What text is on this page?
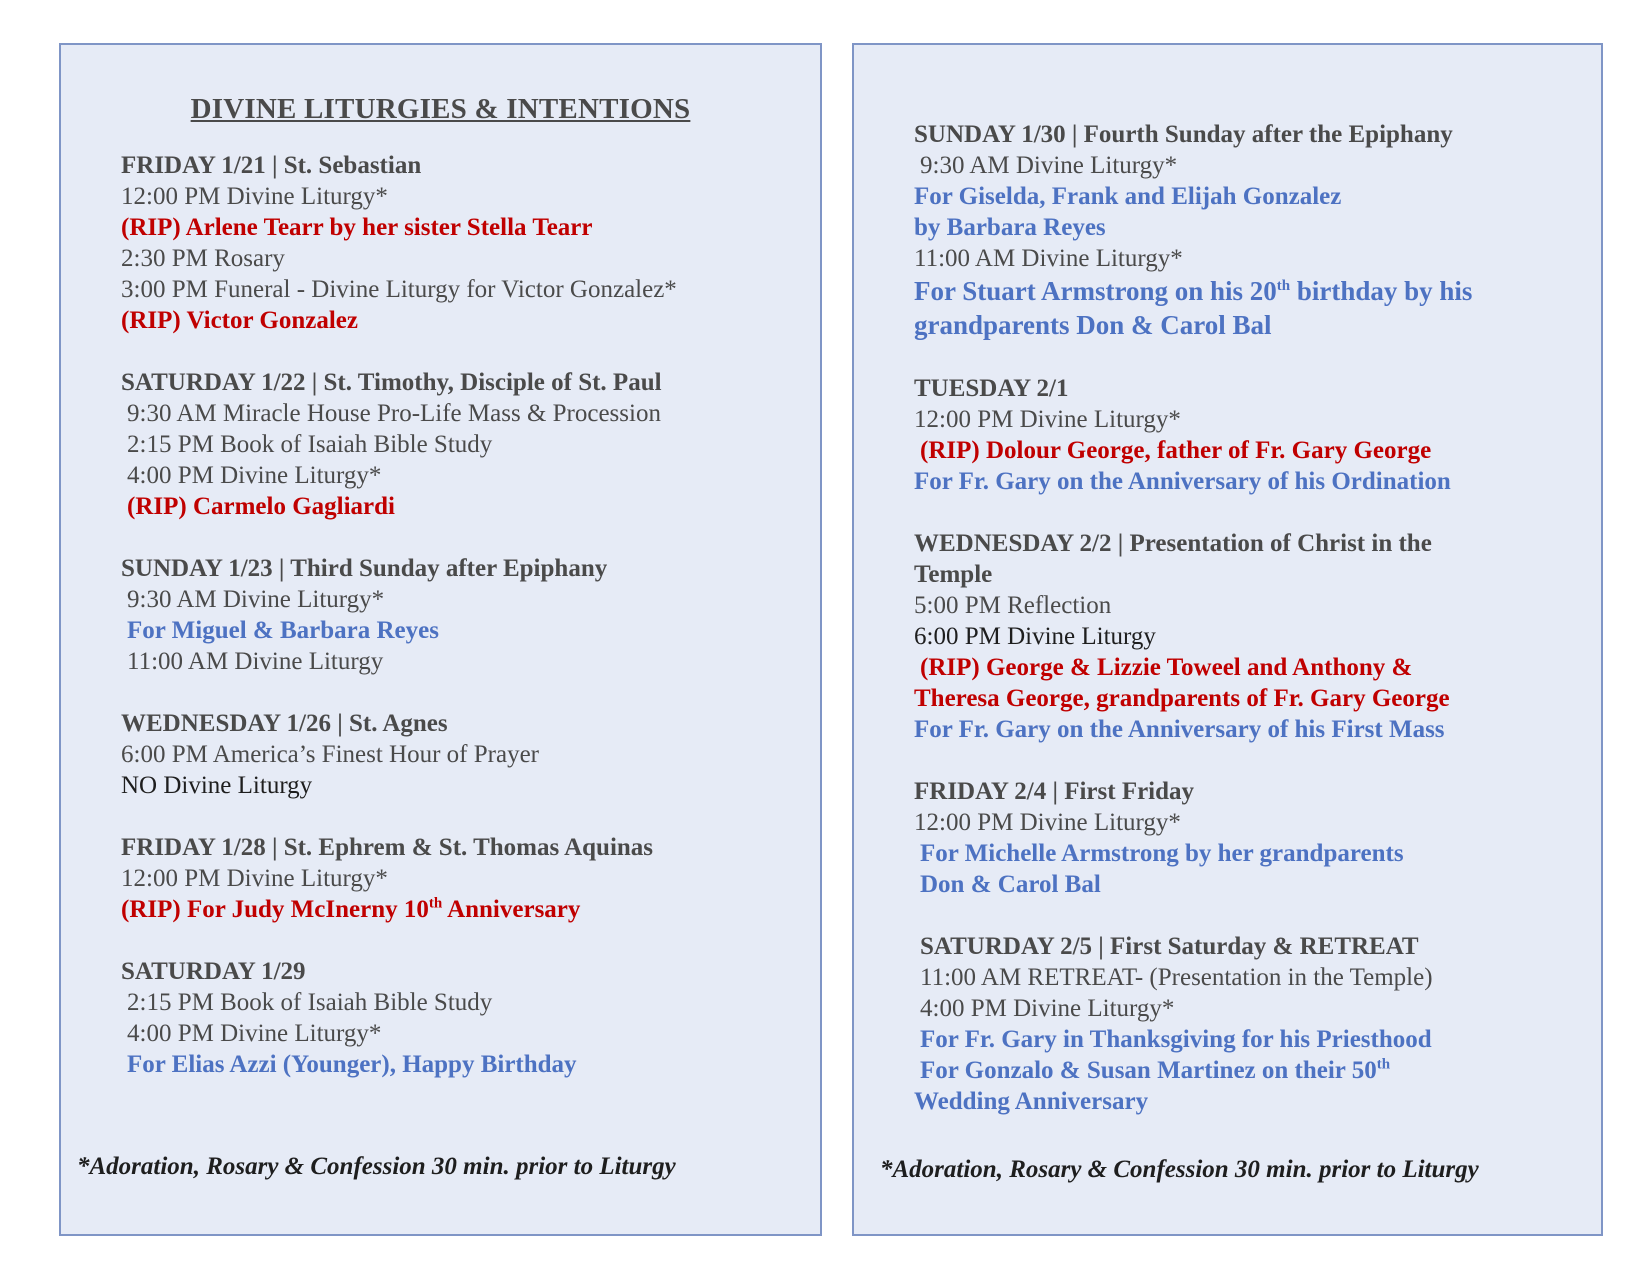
DIVINE LITURGIES & INTENTIONS
FRIDAY 1/21 | St. Sebastian
12:00 PM Divine Liturgy*
(RIP) Arlene Tearr by her sister Stella Tearr
2:30 PM Rosary
3:00 PM Funeral - Divine Liturgy for Victor Gonzalez*
(RIP) Victor Gonzalez
SATURDAY 1/22 | St. Timothy, Disciple of St. Paul
9:30 AM Miracle House Pro-Life Mass & Procession
2:15 PM Book of Isaiah Bible Study
4:00 PM Divine Liturgy*
(RIP) Carmelo Gagliardi
SUNDAY 1/23 | Third Sunday after Epiphany
9:30 AM Divine Liturgy*
For Miguel & Barbara Reyes
11:00 AM Divine Liturgy
WEDNESDAY 1/26 | St. Agnes
6:00 PM America’s Finest Hour of Prayer
NO Divine Liturgy
FRIDAY 1/28 | St. Ephrem & St. Thomas Aquinas
12:00 PM Divine Liturgy*
(RIP) For Judy McInerny 10th Anniversary
SATURDAY 1/29
2:15 PM Book of Isaiah Bible Study
4:00 PM Divine Liturgy*
For Elias Azzi (Younger), Happy Birthday
*Adoration, Rosary & Confession 30 min. prior to Liturgy
SUNDAY 1/30 | Fourth Sunday after the Epiphany
9:30 AM Divine Liturgy*
For Giselda, Frank and Elijah Gonzalez
by Barbara Reyes
11:00 AM Divine Liturgy*
For Stuart Armstrong on his 20th birthday by his
grandparents Don & Carol Bal
TUESDAY 2/1
12:00 PM Divine Liturgy*
(RIP) Dolour George, father of Fr. Gary George
For Fr. Gary on the Anniversary of his Ordination
WEDNESDAY 2/2 | Presentation of Christ in the
Temple
5:00 PM Reflection
6:00 PM Divine Liturgy
(RIP) George & Lizzie Toweel and Anthony &
Theresa George, grandparents of Fr. Gary George
For Fr. Gary on the Anniversary of his First Mass
FRIDAY 2/4 | First Friday
12:00 PM Divine Liturgy*
For Michelle Armstrong by her grandparents
Don & Carol Bal
SATURDAY 2/5 | First Saturday & RETREAT
11:00 AM RETREAT- (Presentation in the Temple)
4:00 PM Divine Liturgy*
For Fr. Gary in Thanksgiving for his Priesthood
For Gonzalo & Susan Martinez on their 50th
Wedding Anniversary
*Adoration, Rosary & Confession 30 min. prior to Liturgy
